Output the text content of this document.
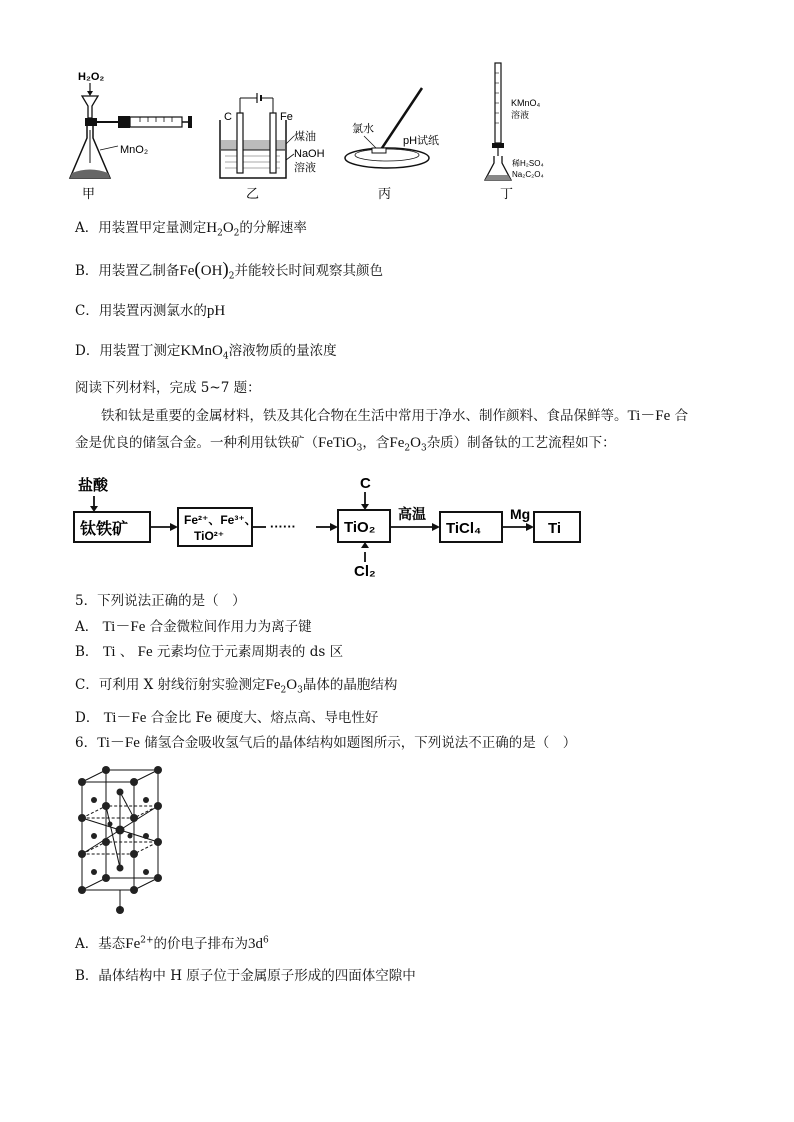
H₂O₂
MnO₂
甲
C	Fe
煤油
NaOH
溶液
乙
氯水
pH试纸
丙
KMnO₄
溶液
稀H₂SO₄
Na₂C₂O₄
丁
A．用装置甲定量测定$H_2O_2$的分解速率
B．用装置乙制备$Fe(OH)_2$并能较长时间观察其颜色
C．用装置丙测氯水的pH
D．用装置丁测定KMnO$_4$溶液物质的量浓度
阅读下列材料，完成 5~7 题：
铁和钛是重要的金属材料，铁及其化合物在生活中常用于净水、制作颜料、食品保鲜等。Ti－Fe 合
金是优良的储氢合金。一种利用钛铁矿（FeTiO$_3$，含$Fe_2O_3$杂质）制备钛的工艺流程如下：
盐酸
钛铁矿	Fe²⁺、Fe³⁺、
TiO²⁺
······
C
TiO₂
Cl₂
高温
TiCl₄
Mg
Ti
5．下列说法正确的是（　）
A． Ti－Fe 合金微粒间作用力为离子键
B． Ti 、 Fe 元素均位于元素周期表的 ds 区
C．可利用 X 射线衍射实验测定$Fe_2O_3$晶体的晶胞结构
D． Ti－Fe 合金比 Fe 硬度大、熔点高、导电性好
6．Ti－Fe 储氢合金吸收氢气后的晶体结构如题图所示，下列说法不正确的是（　）
A．基态$Fe^{2+}$的价电子排布为$3d^6$
B．晶体结构中 H 原子位于金属原子形成的四面体空隙中
